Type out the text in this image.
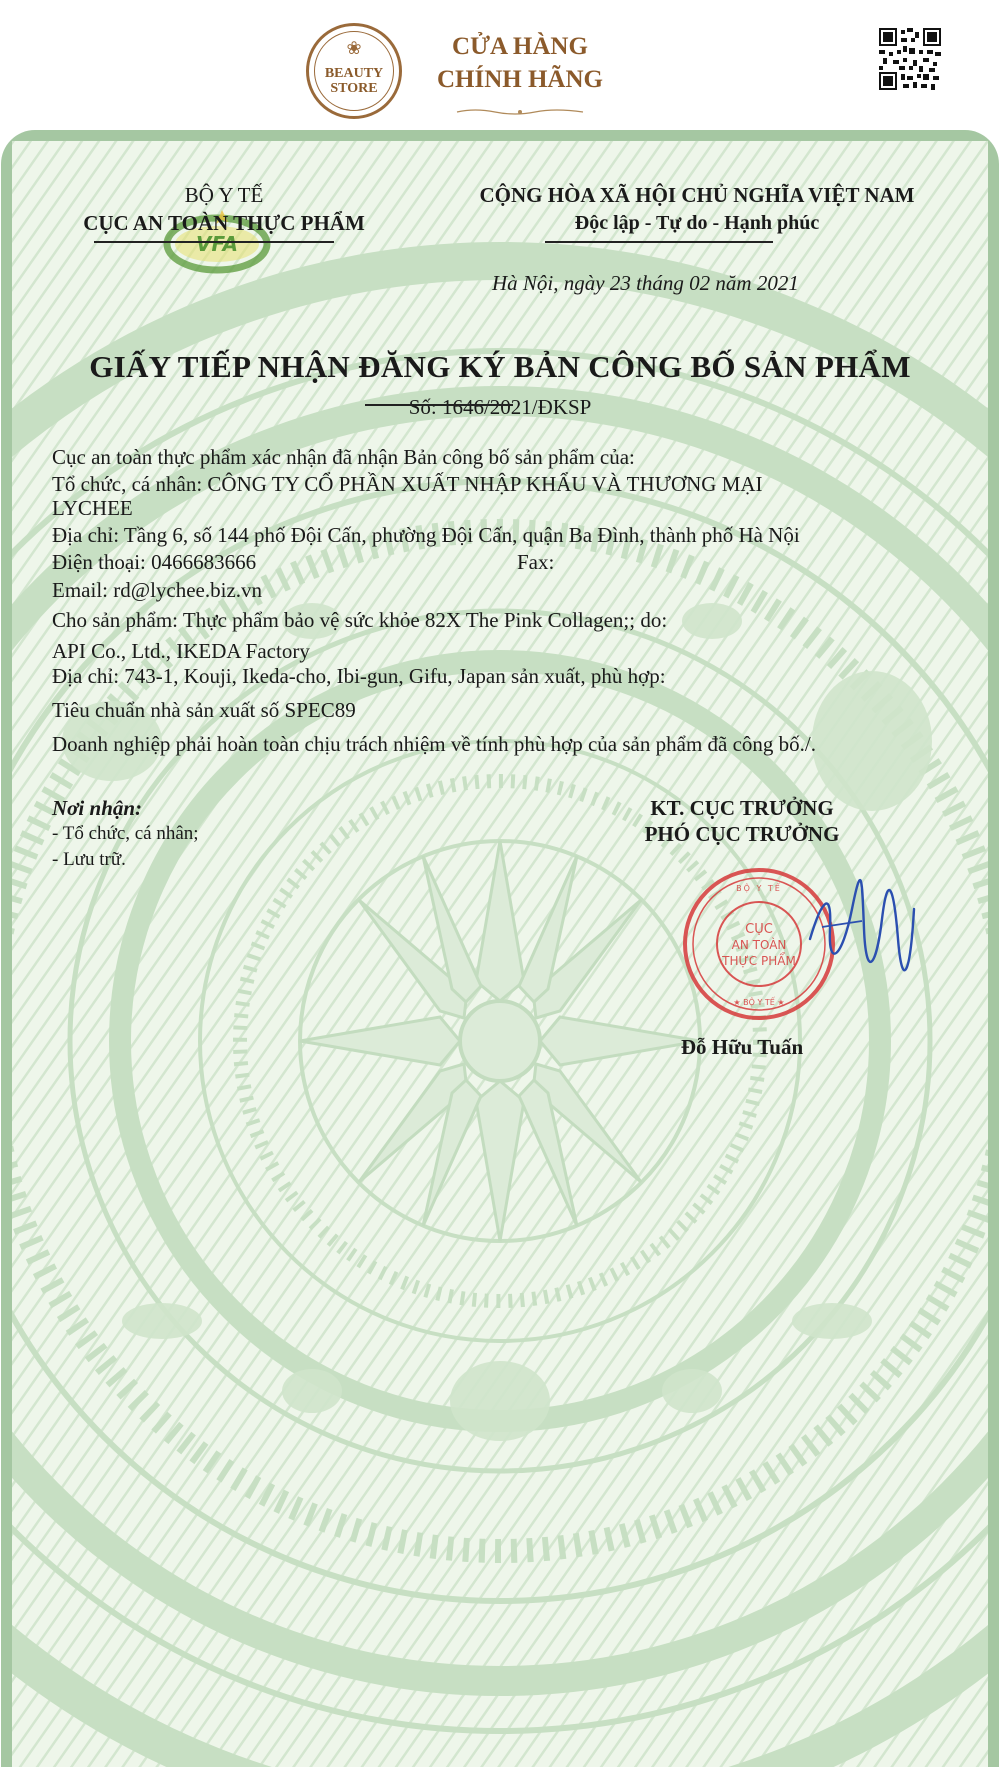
❀
BEAUTY
STORE
CỬA HÀNG
CHÍNH HÃNG
VFA
BỘ Y TẾ
CỤC AN TOÀN THỰC PHẨM
CỘNG HÒA XÃ HỘI CHỦ NGHĨA VIỆT NAM
Độc lập - Tự do - Hạnh phúc
Hà Nội, ngày 23 tháng 02 năm 2021
GIẤY TIẾP NHẬN ĐĂNG KÝ BẢN CÔNG BỐ SẢN PHẨM
Số: 1646/2021/ĐKSP
Cục an toàn thực phẩm xác nhận đã nhận Bản công bố sản phẩm của:
Tổ chức, cá nhân: CÔNG TY CỔ PHẦN XUẤT NHẬP KHẨU VÀ THƯƠNG MẠI
LYCHEE
Địa chỉ: Tầng 6, số 144 phố Đội Cấn, phường Đội Cấn, quận Ba Đình, thành phố Hà Nội
Điện thoại: 0466683666	Fax:
Email: rd@lychee.biz.vn
Cho sản phẩm: Thực phẩm bảo vệ sức khỏe 82X The Pink Collagen;; do:
API Co., Ltd., IKEDA Factory
Địa chỉ: 743-1, Kouji, Ikeda-cho, Ibi-gun, Gifu, Japan sản xuất, phù hợp:
Tiêu chuẩn nhà sản xuất số SPEC89
Doanh nghiệp phải hoàn toàn chịu trách nhiệm về tính phù hợp của sản phẩm đã công bố./.
Nơi nhận:
- Tổ chức, cá nhân;
- Lưu trữ.
KT. CỤC TRƯỞNG
PHÓ CỤC TRƯỞNG
CỤC
AN TOÀN
THỰC PHẨM
BỘ Y TẾ
★ BỘ Y TẾ ★
Đỗ Hữu Tuấn
